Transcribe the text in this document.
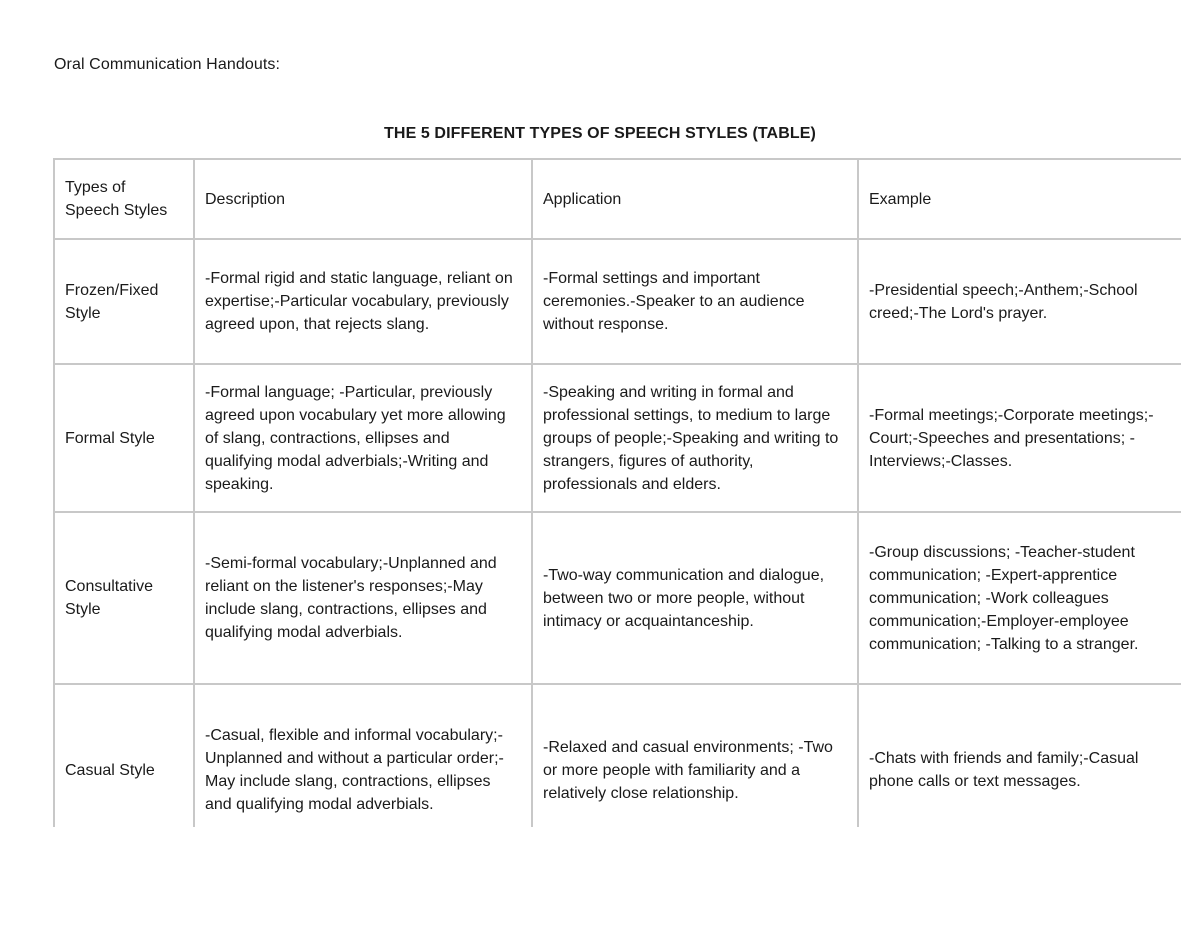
Oral Communication Handouts:
THE 5 DIFFERENT TYPES OF SPEECH STYLES (TABLE)
Types of Speech Styles	Description	Application	Example
Frozen/Fixed Style	-Formal rigid and static language, reliant on expertise;-Particular vocabulary, previously agreed upon, that rejects slang.	-Formal settings and important ceremonies.-Speaker to an audience without response.	-Presidential speech;-Anthem;-School creed;-The Lord's prayer.
Formal Style	-Formal language; -Particular, previously agreed upon vocabulary yet more allowing of slang, contractions, ellipses and qualifying modal adverbials;-Writing and speaking.	-Speaking and writing in formal and professional settings, to medium to large groups of people;-Speaking and writing to strangers, figures of authority, professionals and elders.	-Formal meetings;-Corporate meetings;-Court;-Speeches and presentations; -Interviews;-Classes.
Consultative Style	-Semi-formal vocabulary;-Unplanned and reliant on the listener's responses;-May include slang, contractions, ellipses and qualifying modal adverbials.	-Two-way communication and dialogue, between two or more people, without intimacy or acquaintanceship.	-Group discussions; -Teacher-student communication; -Expert-apprentice communication; -Work colleagues communication;-Employer-employee communication; -Talking to a stranger.
Casual Style	-Casual, flexible and informal vocabulary;-Unplanned and without a particular order;-May include slang, contractions, ellipses and qualifying modal adverbials.	-Relaxed and casual environments; -Two or more people with familiarity and a relatively close relationship.	-Chats with friends and family;-Casual phone calls or text messages.
